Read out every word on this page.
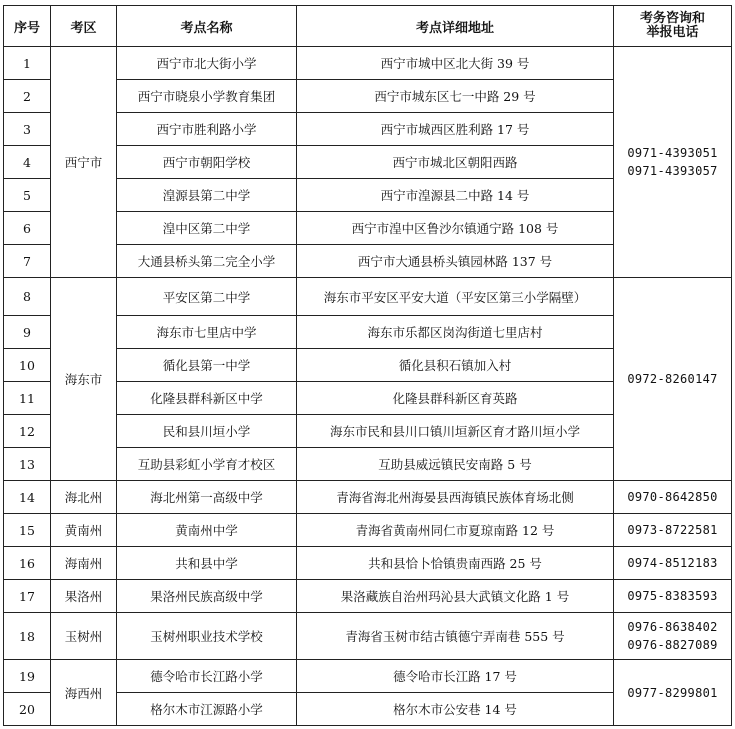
序号	考区	考点名称	考点详细地址	考务咨询和
举报电话

1	西宁市	西宁市北大街小学	西宁市城中区北大街 39 号	0971-4393051
0971-4393057

2		西宁市晓泉小学教育集团	西宁市城东区七一中路 29 号	
3		西宁市胜利路小学	西宁市城西区胜利路 17 号	
4		西宁市朝阳学校	西宁市城北区朝阳西路	
5		湟源县第二中学	西宁市湟源县二中路 14 号	
6		湟中区第二中学	西宁市湟中区鲁沙尔镇通宁路 108 号	
7		大通县桥头第二完全小学	西宁市大通县桥头镇园林路 137 号	
8	海东市	平安区第二中学	海东市平安区平安大道（平安区第三小学隔壁）	0972-8260147

9		海东市七里店中学	海东市乐都区岗沟街道七里店村	
10		循化县第一中学	循化县积石镇加入村	
11		化隆县群科新区中学	化隆县群科新区育英路	
12		民和县川垣小学	海东市民和县川口镇川垣新区育才路川垣小学	
13		互助县彩虹小学育才校区	互助县威远镇民安南路 5 号	
14	海北州	海北州第一高级中学	青海省海北州海晏县西海镇民族体育场北侧	0970-8642850

15	黄南州	黄南州中学	青海省黄南州同仁市夏琼南路 12 号	0973-8722581

16	海南州	共和县中学	共和县恰卜恰镇贵南西路 25 号	0974-8512183

17	果洛州	果洛州民族高级中学	果洛藏族自治州玛沁县大武镇文化路 1 号	0975-8383593

18	玉树州	玉树州职业技术学校	青海省玉树市结古镇德宁弄南巷 555 号	0976-8638402
0976-8827089

19	海西州	德令哈市长江路小学	德令哈市长江路 17 号	0977-8299801

20		格尔木市江源路小学	格尔木市公安巷 14 号	
